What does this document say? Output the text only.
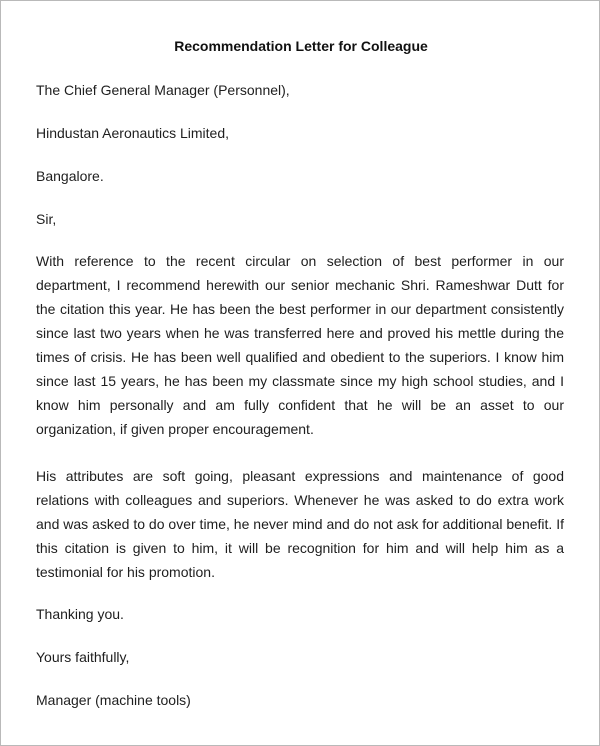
Recommendation Letter for Colleague
The Chief General Manager (Personnel),
Hindustan Aeronautics Limited,
Bangalore.
Sir,
With reference to the recent circular on selection of best performer in our department, I recommend herewith our senior mechanic Shri. Rameshwar Dutt for the citation this year. He has been the best performer in our department consistently since last two years when he was transferred here and proved his mettle during the times of crisis. He has been well qualified and obedient to the superiors. I know him since last 15 years, he has been my classmate since my high school studies, and I know him personally and am fully confident that he will be an asset to our organization, if given proper encouragement.
His attributes are soft going, pleasant expressions and maintenance of good relations with colleagues and superiors. Whenever he was asked to do extra work and was asked to do over time, he never mind and do not ask for additional benefit. If this citation is given to him, it will be recognition for him and will help him as a testimonial for his promotion.
Thanking you.
Yours faithfully,
Manager (machine tools)
